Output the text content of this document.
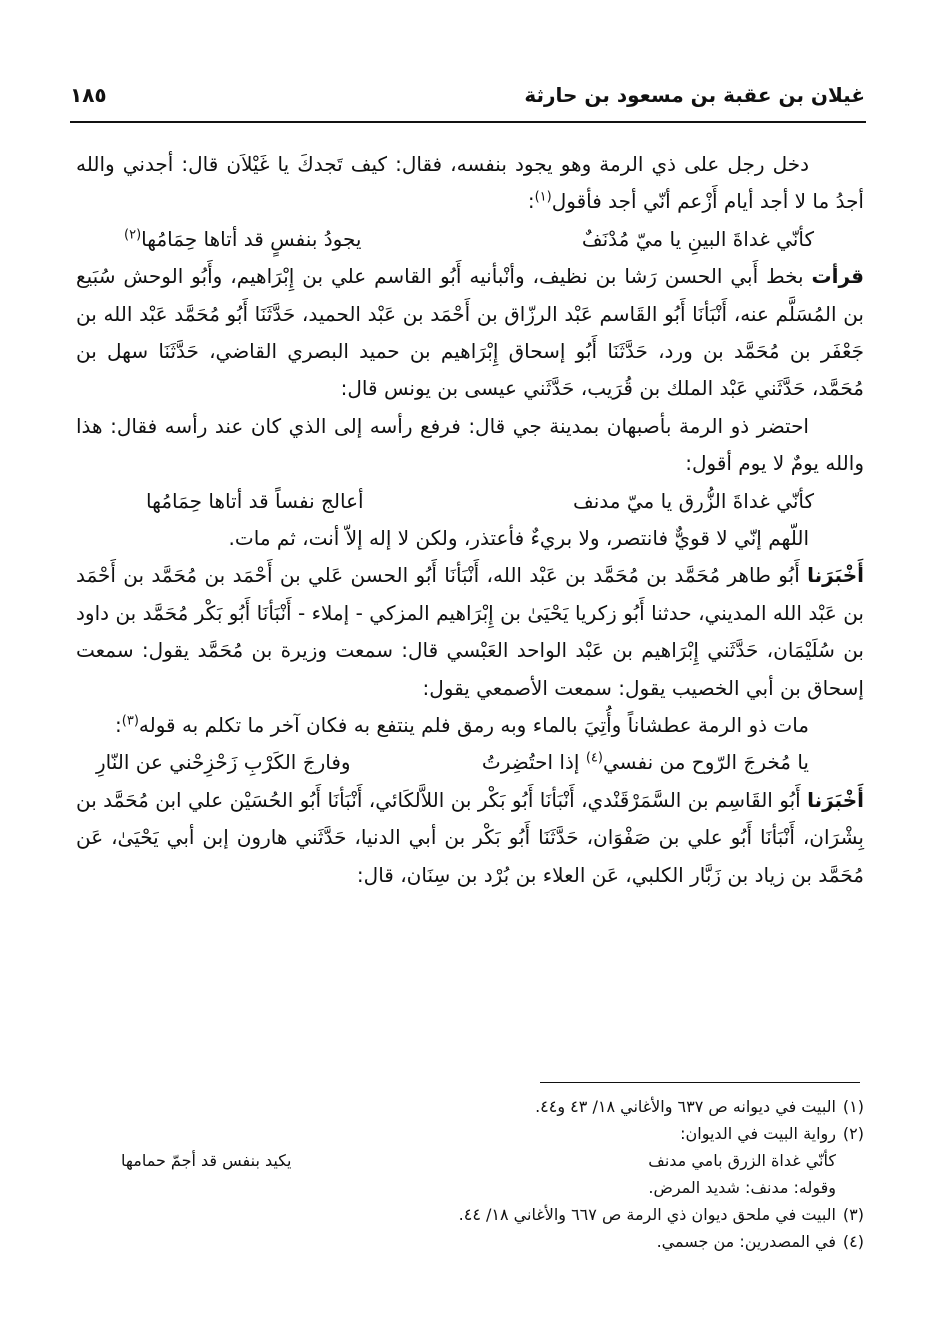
غيلان بن عقبة بن مسعود بن حارثة
١٨٥

دخل رجل على ذي الرمة وهو يجود بنفسه، فقال: كيف تَجدكَ يا غَيْلاَن قال: أجدني والله أجدُ ما لا أجد أيام أَزْعم أنّي أجد فأقول$^{(١)}$:

كأنّي غداةَ البينِ يا ميّ مُدْنَفٌ
يجودُ بنفسٍ قد أتاها حِمَامُها$^{(٢)}$

قرأت بخط أَبي الحسن رَشا بن نظيف، وأنْبأنيه أَبُو القاسم علي بن إِبْرَاهيم، وأَبُو الوحش سُبَيع بن المُسَلَّم عنه، أَنْبَأنَا أَبُو القَاسم عَبْد الرزّاق بن أَحْمَد بن عَبْد الحميد، حَدَّثَنَا أَبُو مُحَمَّد عَبْد الله بن جَعْفَر بن مُحَمَّد بن ورد، حَدَّثَنَا أَبُو إسحاق إِبْرَاهيم بن حميد البصري القاضي، حَدَّثَنَا سهل بن مُحَمَّد، حَدَّثَني عَبْد الملك بن قُرَيب، حَدَّثَني عيسى بن يونس قال:

احتضر ذو الرمة بأصبهان بمدينة جي قال: فرفع رأسه إلى الذي كان عند رأسه فقال: هذا والله يومٌ لا يوم أقول:

كأنّي غداةَ الزُّرق يا ميّ مدنف
أعالج نفساً قد أتاها حِمَامُها

اللّهم إنّي لا قويٌّ فانتصر، ولا بريءٌ فأعتذر، ولكن لا إله إلاّ أنت، ثم مات.

أَخْبَرَنا أَبُو طاهر مُحَمَّد بن مُحَمَّد بن عَبْد الله، أَنْبَأنَا أَبُو الحسن عَلي بن أَحْمَد بن مُحَمَّد بن أَحْمَد بن عَبْد الله المديني، حدثنا أَبُو زكريا يَحْيَىٰ بن إِبْرَاهيم المزكي - إملاء - أَنْبَأنَا أَبُو بَكْر مُحَمَّد بن داود بن سُلَيْمَان، حَدَّثَني إِبْرَاهيم بن عَبْد الواحد العَبْسي قال: سمعت وزيرة بن مُحَمَّد يقول: سمعت إسحاق بن أبي الخصيب يقول: سمعت الأصمعي يقول:

مات ذو الرمة عطشاناً وأُتِيَ بالماء وبه رمق فلم ينتفع به فكان آخر ما تكلم به قوله$^{(٣)}$:

يا مُخرجَ الرّوح من نفسي$^{(٤)}$ إذا احتُضِرتُ
وفارجَ الكَرْبِ زَحْزِحْني عن النّارِ

أَخْبَرَنا أَبُو القَاسِم بن السَّمَرْقَنْدي، أَنْبَأنَا أَبُو بَكْر بن اللاَّلكَائي، أَنْبَأنَا أَبُو الحُسَيْن علي ابن مُحَمَّد بن بِشْرَان، أَنْبَأنَا أَبُو علي بن صَفْوَان، حَدَّثَنَا أَبُو بَكْر بن أبي الدنيا، حَدَّثَني هارون إبن أبي يَحْيَىٰ، عَن مُحَمَّد بن زياد بن زَبَّار الكلبي، عَن العلاء بن بُرْد بن سِنَان، قال:

(١)
البيت في ديوانه ص ٦٣٧ والأغاني ١٨/ ٤٣ و٤٤.

(٢)
رواية البيت في الديوان:

كأنّي غداة الزرق بامي مدنف
يكيد بنفس قد أجمّ حمامها

وقوله: مدنف: شديد المرض.

(٣)
البيت في ملحق ديوان ذي الرمة ص ٦٦٧ والأغاني ١٨/ ٤٤.

(٤)
في المصدرين: من جسمي.
